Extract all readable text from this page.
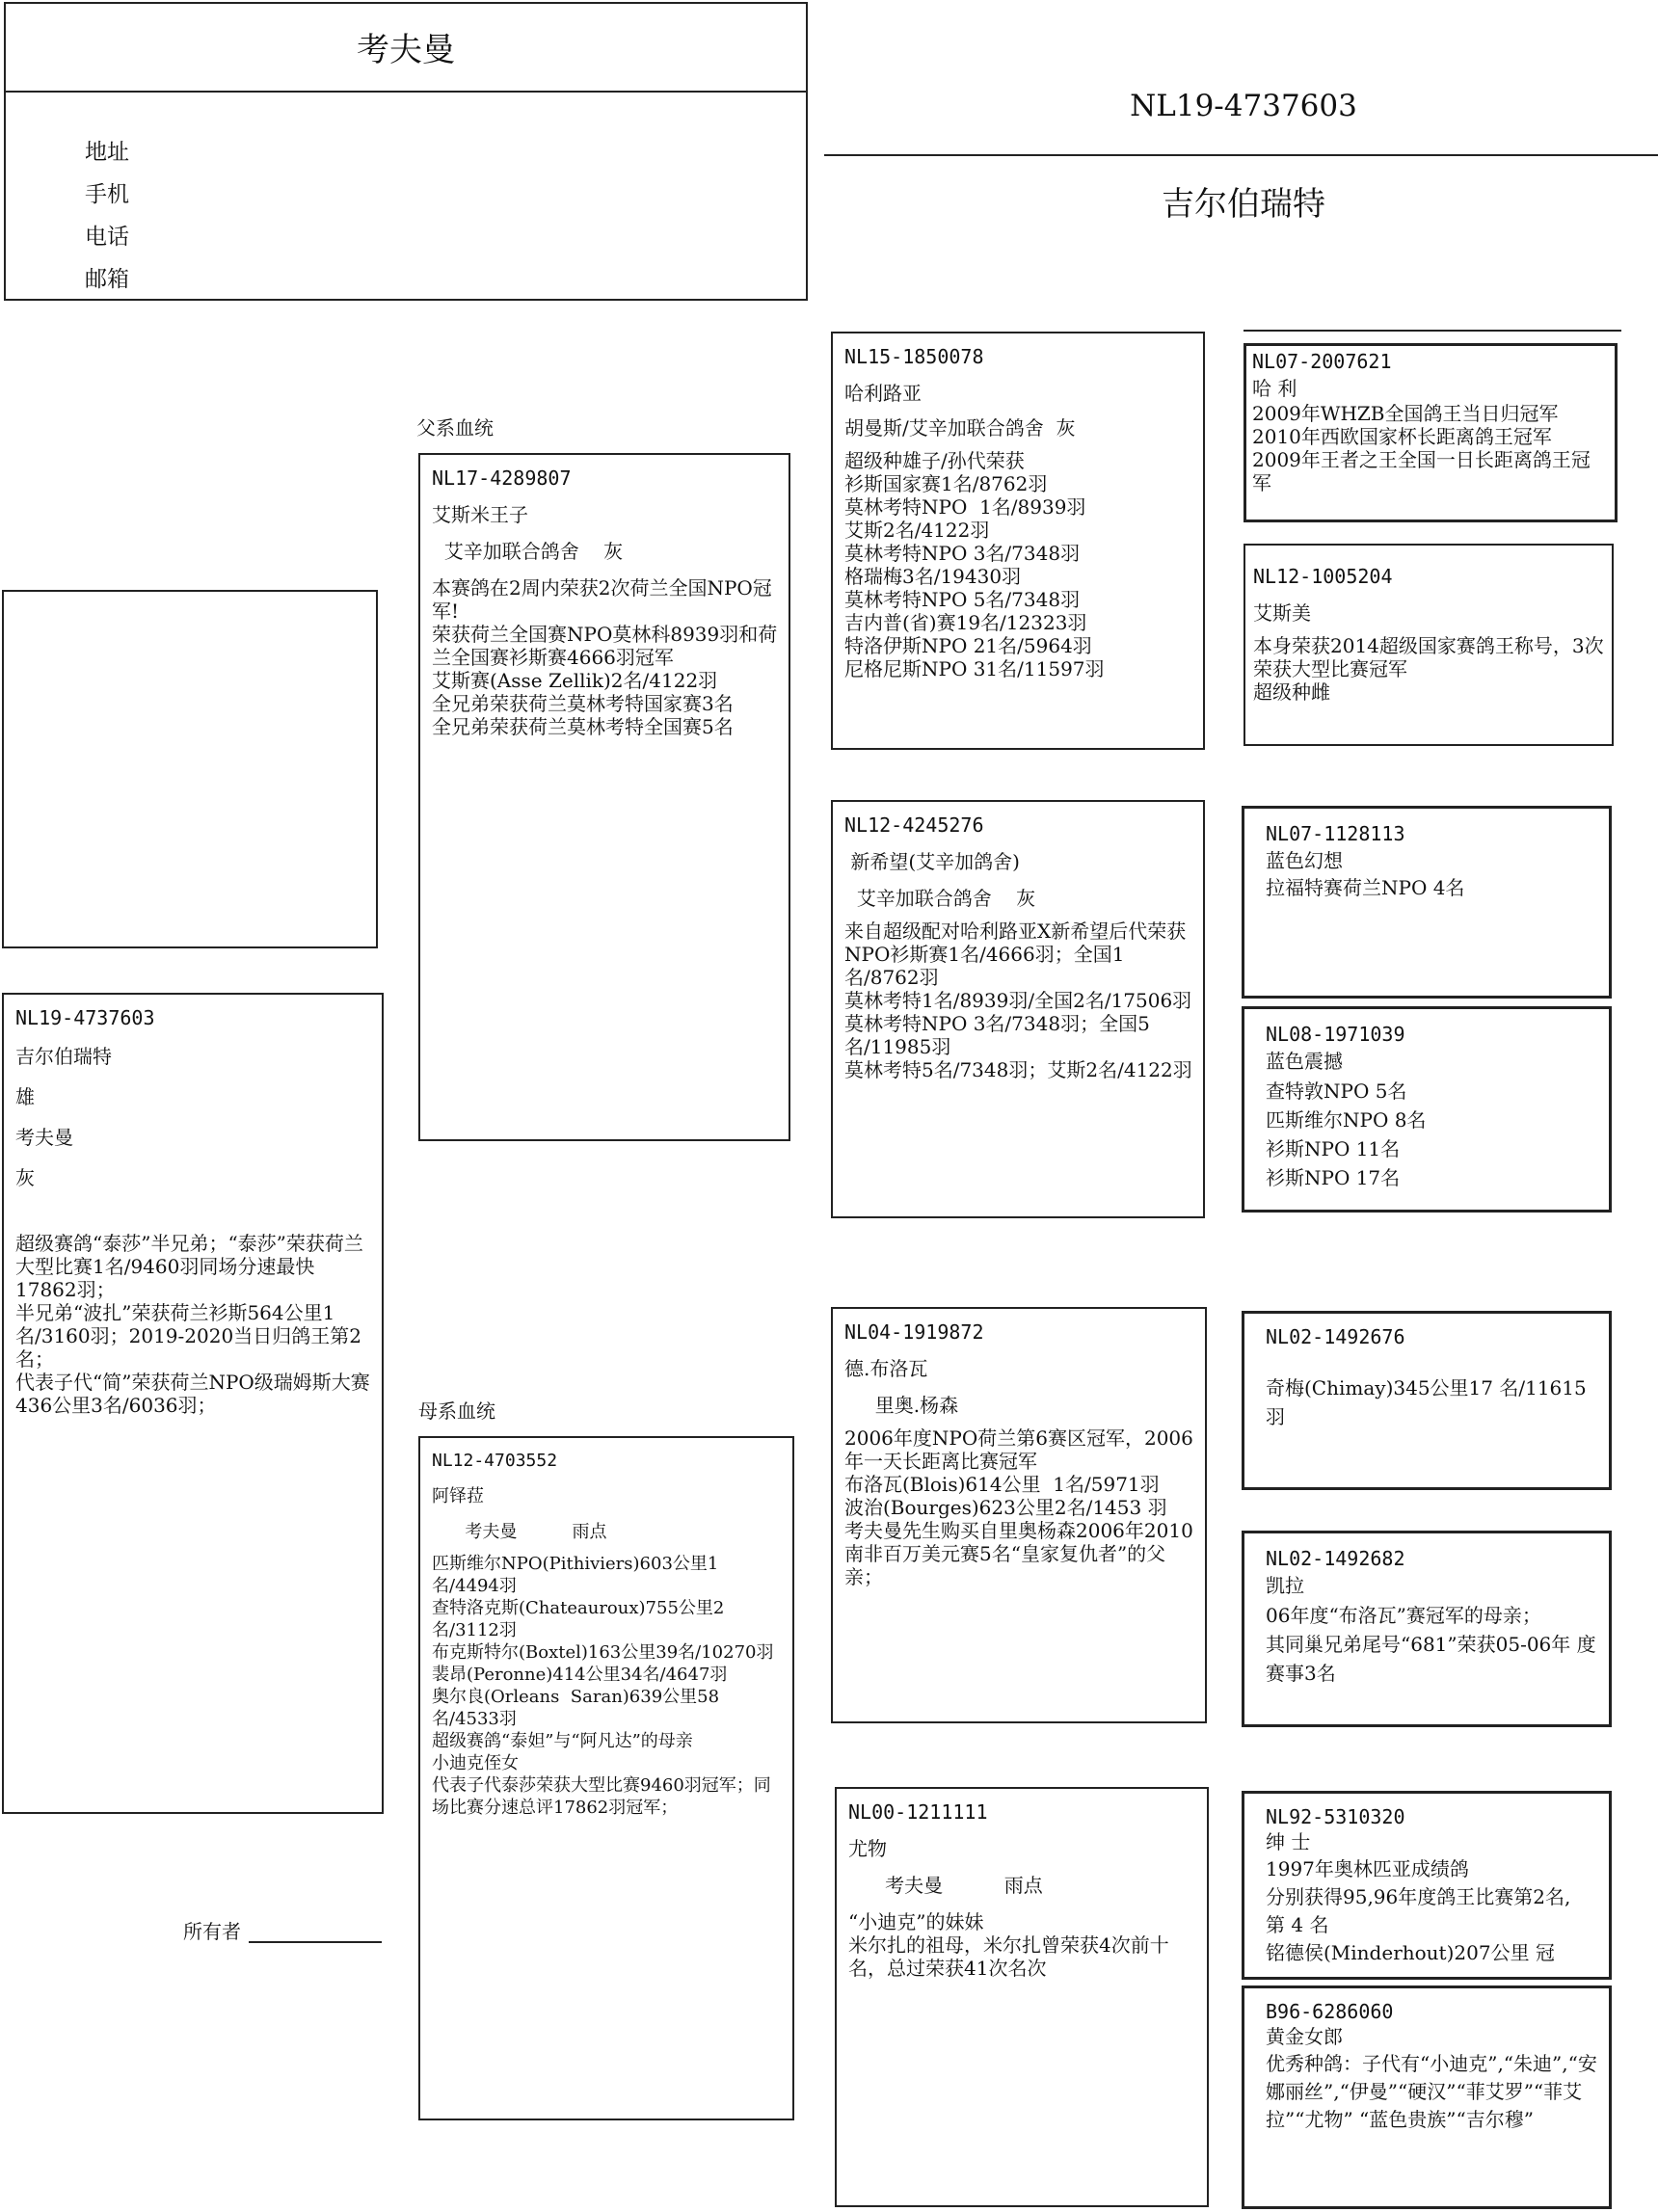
考夫曼
地址
手机
电话
邮箱
NL19-4737603
吉尔伯瑞特
NL19-4737603
吉尔伯瑞特
雄
考夫曼
灰
超级赛鸽“泰莎”半兄弟；“泰莎”荣获荷兰大型比赛1名/9460羽同场分速最快17862羽；
半兄弟“波扎”荣获荷兰衫斯564公里1名/3160羽；2019-2020当日归鸽王第2 名；
代表子代“简”荣获荷兰NPO级瑞姆斯大赛436公里3名/6036羽；
所有者
父系血统
母系血统
NL17-4289807
艾斯米王子
艾辛加联合鸽舍    灰
本赛鸽在2周内荣获2次荷兰全国NPO冠军!
荣获荷兰全国赛NPO莫林科8939羽和荷兰全国赛衫斯赛4666羽冠军
艾斯赛(Asse Zellik)2名/4122羽
全兄弟荣获荷兰莫林考特国家赛3名
全兄弟荣获荷兰莫林考特全国赛5名
NL12-4703552
阿铎菈
考夫曼          雨点
匹斯维尔NPO(Pithiviers)603公里1名/4494羽
查特洛克斯(Chateauroux)755公里2名/3112羽
布克斯特尔(Boxtel)163公里39名/10270羽
裴昂(Peronne)414公里34名/4647羽
奥尔良(Orleans  Saran)639公里58名/4533羽
超级赛鸽“泰妲”与“阿凡达”的母亲
小迪克侄女
代表子代泰莎荣获大型比赛9460羽冠军；同场比赛分速总评17862羽冠军；
NL15-1850078
哈利路亚
胡曼斯/艾辛加联合鸽舍  灰
超级种雄子/孙代荣获
衫斯国家赛1名/8762羽
莫林考特NPO  1名/8939羽
艾斯2名/4122羽
莫林考特NPO 3名/7348羽
格瑞梅3名/19430羽
莫林考特NPO 5名/7348羽
吉内普(省)赛19名/12323羽
特洛伊斯NPO 21名/5964羽
尼格尼斯NPO 31名/11597羽
NL12-4245276
新希望(艾辛加鸽舍)
艾辛加联合鸽舍    灰
来自超级配对哈利路亚X新希望后代荣获
NPO衫斯赛1名/4666羽；全国1名/8762羽
莫林考特1名/8939羽/全国2名/17506羽
莫林考特NPO 3名/7348羽；全国5名/11985羽
莫林考特5名/7348羽；艾斯2名/4122羽
NL04-1919872
德.布洛瓦
里奥.杨森
2006年度NPO荷兰第6赛区冠军，2006年一天长距离比赛冠军
布洛瓦(Blois)614公里  1名/5971羽
波治(Bourges)623公里2名/1453 羽
考夫曼先生购买自里奥杨森2006年2010南非百万美元赛5名“皇家复仇者”的父亲；
NL00-1211111
尤物
考夫曼          雨点
“小迪克”的妹妹
米尔扎的祖母，米尔扎曾荣获4次前十名，总过荣获41次名次
NL07-2007621
哈 利
2009年WHZB全国鸽王当日归冠军
2010年西欧国家杯长距离鸽王冠军
2009年王者之王全国一日长距离鸽王冠军
NL12-1005204
艾斯美
本身荣获2014超级国家赛鸽王称号，3次荣获大型比赛冠军
超级种雌
NL07-1128113
蓝色幻想
拉福特赛荷兰NPO 4名
NL08-1971039
蓝色震撼
查特敦NPO 5名
匹斯维尔NPO 8名
衫斯NPO 11名
衫斯NPO 17名
NL02-1492676
奇梅(Chimay)345公里17 名/11615羽
NL02-1492682
凯拉
06年度“布洛瓦”赛冠军的母亲；
其同巢兄弟尾号“681”荣获05-06年 度赛事3名
NL92-5310320
绅 士
1997年奥林匹亚成绩鸽
分别获得95,96年度鸽王比赛第2名,  第 4 名
铭德侯(Minderhout)207公里 冠
B96-6286060
黄金女郎
优秀种鸽：子代有“小迪克”,“朱迪”,“安娜丽丝”,“伊曼”“硬汉”“菲艾罗”“菲艾拉”“尤物” “蓝色贵族”“吉尔穆”
